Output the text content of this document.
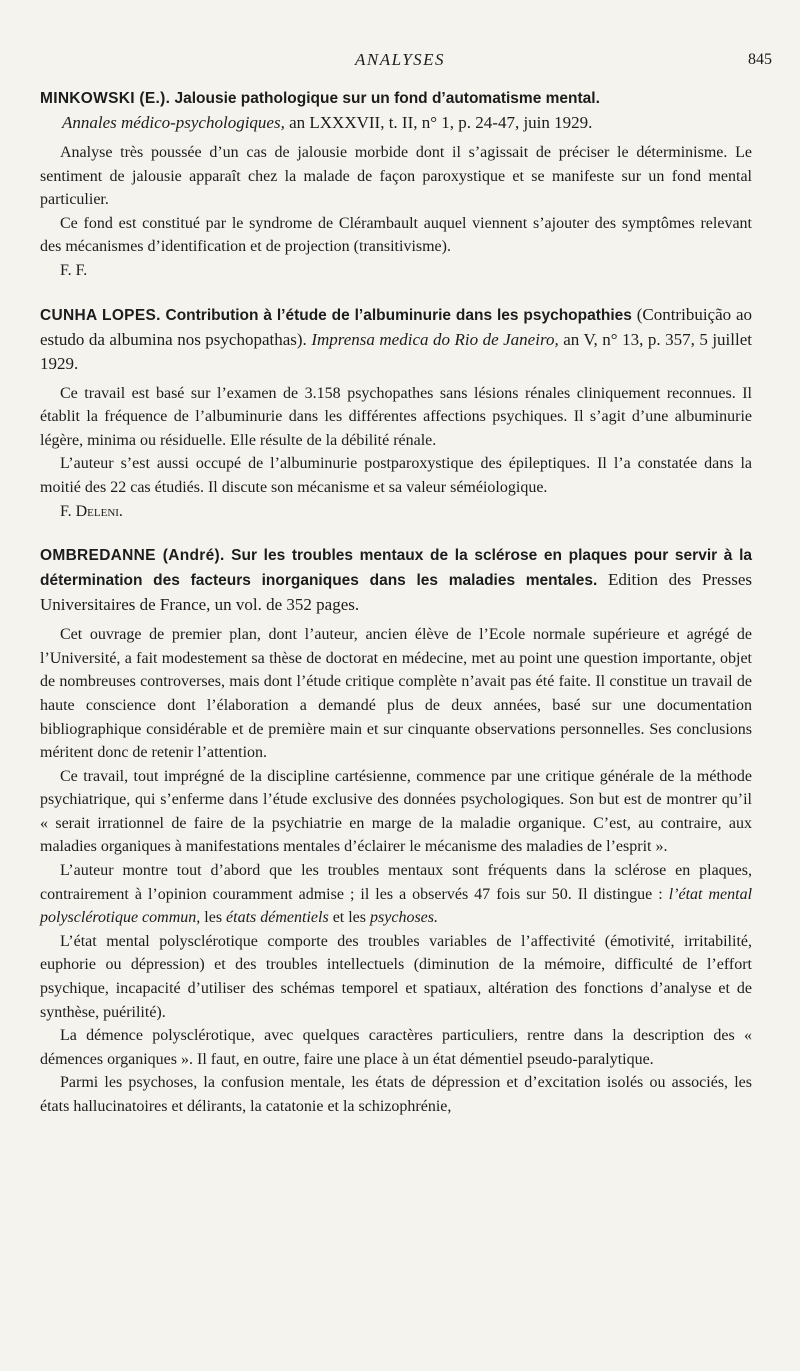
ANALYSES	845

MINKOWSKI (E.). Jalousie pathologique sur un fond d’automatisme mental.
Annales médico-psychologiques, an LXXXVII, t. II, n° 1, p. 24-47, juin 1929.

Analyse très poussée d’un cas de jalousie morbide dont il s’agissait de préciser le déterminisme. Le sentiment de jalousie apparaît chez la malade de façon paroxystique et se manifeste sur un fond mental particulier.

Ce fond est constitué par le syndrome de Clérambault auquel viennent s’ajouter des symptômes relevant des mécanismes d’identification et de projection (transitivisme).

F. F.

CUNHA LOPES. Contribution à l’étude de l’albuminurie dans les psychopathies (Contribuição ao estudo da albumina nos psychopathas). Imprensa medica do Rio de Janeiro, an V, n° 13, p. 357, 5 juillet 1929.

Ce travail est basé sur l’examen de 3.158 psychopathes sans lésions rénales cliniquement reconnues. Il établit la fréquence de l’albuminurie dans les différentes affections psychiques. Il s’agit d’une albuminurie légère, minima ou résiduelle. Elle résulte de la débilité rénale.

L’auteur s’est aussi occupé de l’albuminurie postparoxystique des épileptiques. Il l’a constatée dans la moitié des 22 cas étudiés. Il discute son mécanisme et sa valeur séméiologique.

F. Deleni.

OMBREDANNE (André). Sur les troubles mentaux de la sclérose en plaques pour servir à la détermination des facteurs inorganiques dans les maladies mentales. Edition des Presses Universitaires de France, un vol. de 352 pages.

Cet ouvrage de premier plan, dont l’auteur, ancien élève de l’Ecole normale supérieure et agrégé de l’Université, a fait modestement sa thèse de doctorat en médecine, met au point une question importante, objet de nombreuses controverses, mais dont l’étude critique complète n’avait pas été faite. Il constitue un travail de haute conscience dont l’élaboration a demandé plus de deux années, basé sur une documentation bibliographique considérable et de première main et sur cinquante observations personnelles. Ses conclusions méritent donc de retenir l’attention.

Ce travail, tout imprégné de la discipline cartésienne, commence par une critique générale de la méthode psychiatrique, qui s’enferme dans l’étude exclusive des données psychologiques. Son but est de montrer qu’il « serait irrationnel de faire de la psychiatrie en marge de la maladie organique. C’est, au contraire, aux maladies organiques à manifestations mentales d’éclairer le mécanisme des maladies de l’esprit ».

L’auteur montre tout d’abord que les troubles mentaux sont fréquents dans la sclérose en plaques, contrairement à l’opinion couramment admise ; il les a observés 47 fois sur 50. Il distingue : l’état mental polysclérotique commun, les états démentiels et les psychoses.

L’état mental polysclérotique comporte des troubles variables de l’affectivité (émotivité, irritabilité, euphorie ou dépression) et des troubles intellectuels (diminution de la mémoire, difficulté de l’effort psychique, incapacité d’utiliser des schémas temporel et spatiaux, altération des fonctions d’analyse et de synthèse, puérilité).

La démence polysclérotique, avec quelques caractères particuliers, rentre dans la description des « démences organiques ». Il faut, en outre, faire une place à un état démentiel pseudo-paralytique.

Parmi les psychoses, la confusion mentale, les états de dépression et d’excitation isolés ou associés, les états hallucinatoires et délirants, la catatonie et la schizophrénie,
